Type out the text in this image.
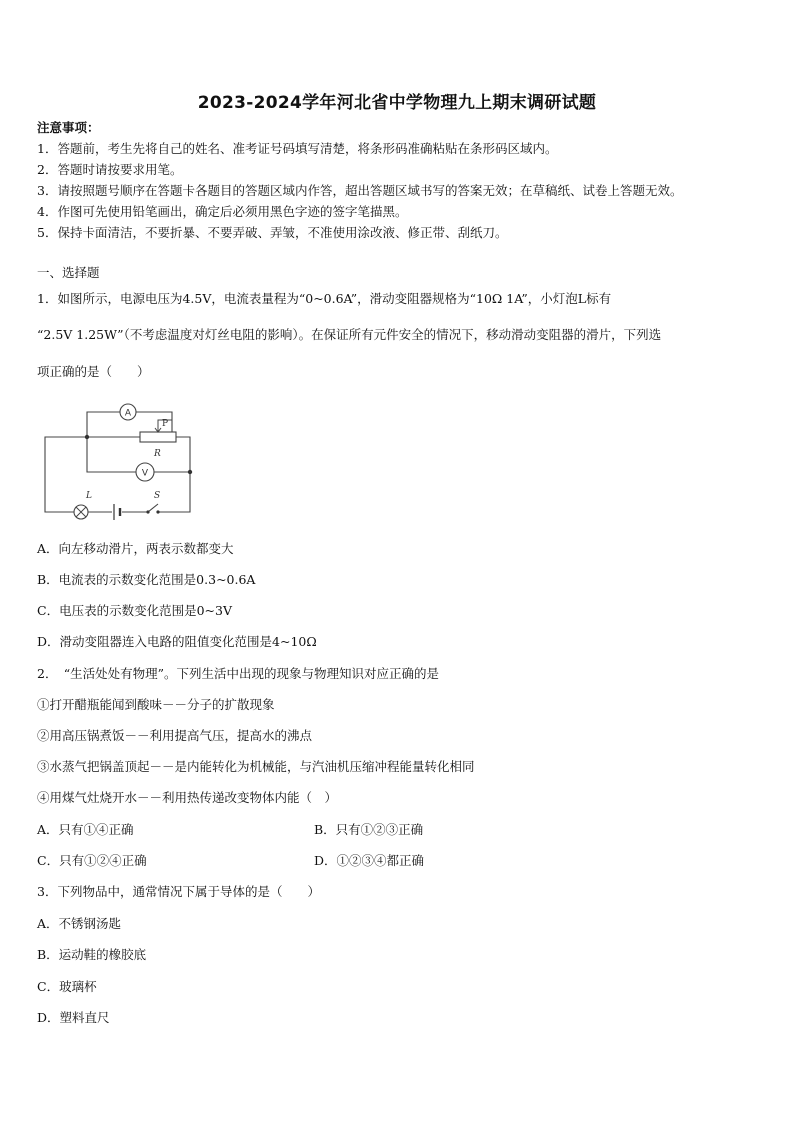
2023-2024学年河北省中学物理九上期末调研试题
注意事项：
1．答题前，考生先将自己的姓名、准考证号码填写清楚，将条形码准确粘贴在条形码区域内。
2．答题时请按要求用笔。
3．请按照题号顺序在答题卡各题目的答题区域内作答，超出答题区域书写的答案无效；在草稿纸、试卷上答题无效。
4．作图可先使用铅笔画出，确定后必须用黑色字迹的签字笔描黑。
5．保持卡面清洁，不要折暴、不要弄破、弄皱，不准使用涂改液、修正带、刮纸刀。
一、选择题
1．如图所示，电源电压为4.5V，电流表量程为“0~0.6A”，滑动变阻器规格为“10Ω 1A”，小灯泡L标有
“2.5V 1.25W”（不考虑温度对灯丝电阻的影响）。在保证所有元件安全的情况下，移动滑动变阻器的滑片，下列选
项正确的是（　　）
A
V
P
R
L	S
A．向左移动滑片，两表示数都变大
B．电流表的示数变化范围是0.3~0.6A
C．电压表的示数变化范围是0~3V
D．滑动变阻器连入电路的阻值变化范围是4~10Ω
2．　“生活处处有物理”。下列生活中出现的现象与物理知识对应正确的是
①打开醋瓶能闻到酸味－－分子的扩散现象
②用高压锅煮饭－－利用提高气压，提高水的沸点
③水蒸气把锅盖顶起－－是内能转化为机械能，与汽油机压缩冲程能量转化相同
④用煤气灶烧开水－－利用热传递改变物体内能（　）
A．只有①④正确	B．只有①②③正确
C．只有①②④正确	D．①②③④都正确
3．下列物品中，通常情况下属于导体的是（　　）
A．不锈钢汤匙
B．运动鞋的橡胶底
C．玻璃杯
D．塑料直尺
